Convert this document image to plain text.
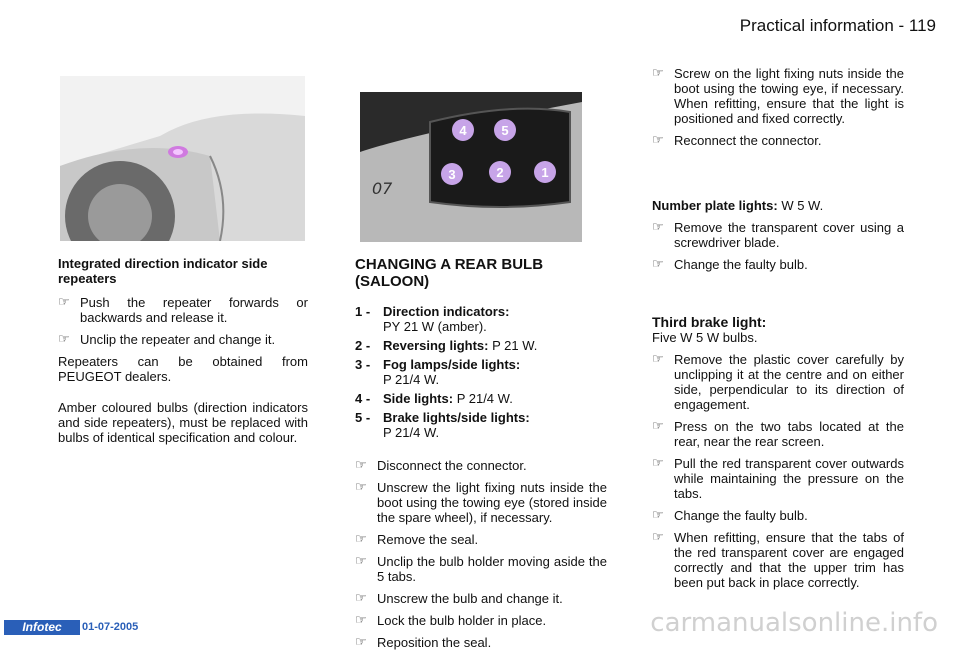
Practical information - 119
07
4	5
3	2	1
Integrated direction indicator side repeaters
☞ Push the repeater forwards or backwards and release it.
☞ Unclip the repeater and change it.

Repeaters can be obtained from PEUGEOT dealers.

Amber coloured bulbs (direction indicators and side repeaters), must be replaced with bulbs of identical specification and colour.

CHANGING A REAR BULB (SALOON)
1 - Direction indicators:
PY 21 W (amber).
2 - Reversing lights: P 21 W.
3 - Fog lamps/side lights:
P 21/4 W.
4 - Side lights: P 21/4 W.
5 - Brake lights/side lights:
P 21/4 W.
☞ Disconnect the connector.
☞ Unscrew the light fixing nuts inside the boot using the towing eye (stored inside the spare wheel), if necessary.
☞ Remove the seal.
☞ Unclip the bulb holder moving aside the 5 tabs.
☞ Unscrew the bulb and change it.
☞ Lock the bulb holder in place.
☞ Reposition the seal.
☞ Screw on the light fixing nuts inside the boot using the towing eye, if necessary. When refitting, ensure that the light is positioned and fixed correctly.
☞ Reconnect the connector.
Number plate lights: W 5 W.
☞ Remove the transparent cover using a screwdriver blade.
☞ Change the faulty bulb.
Third brake light:
Five W 5 W bulbs.
☞ Remove the plastic cover carefully by unclipping it at the centre and on either side, perpendicular to its direction of engagement.
☞ Press on the two tabs located at the rear, near the rear screen.
☞ Pull the red transparent cover outwards while maintaining the pressure on the tabs.
☞ Change the faulty bulb.
☞ When refitting, ensure that the tabs of the red transparent cover are engaged correctly and that the upper trim has been put back in place correctly.
Infotec	01-07-2005	carmanualsonline.info
